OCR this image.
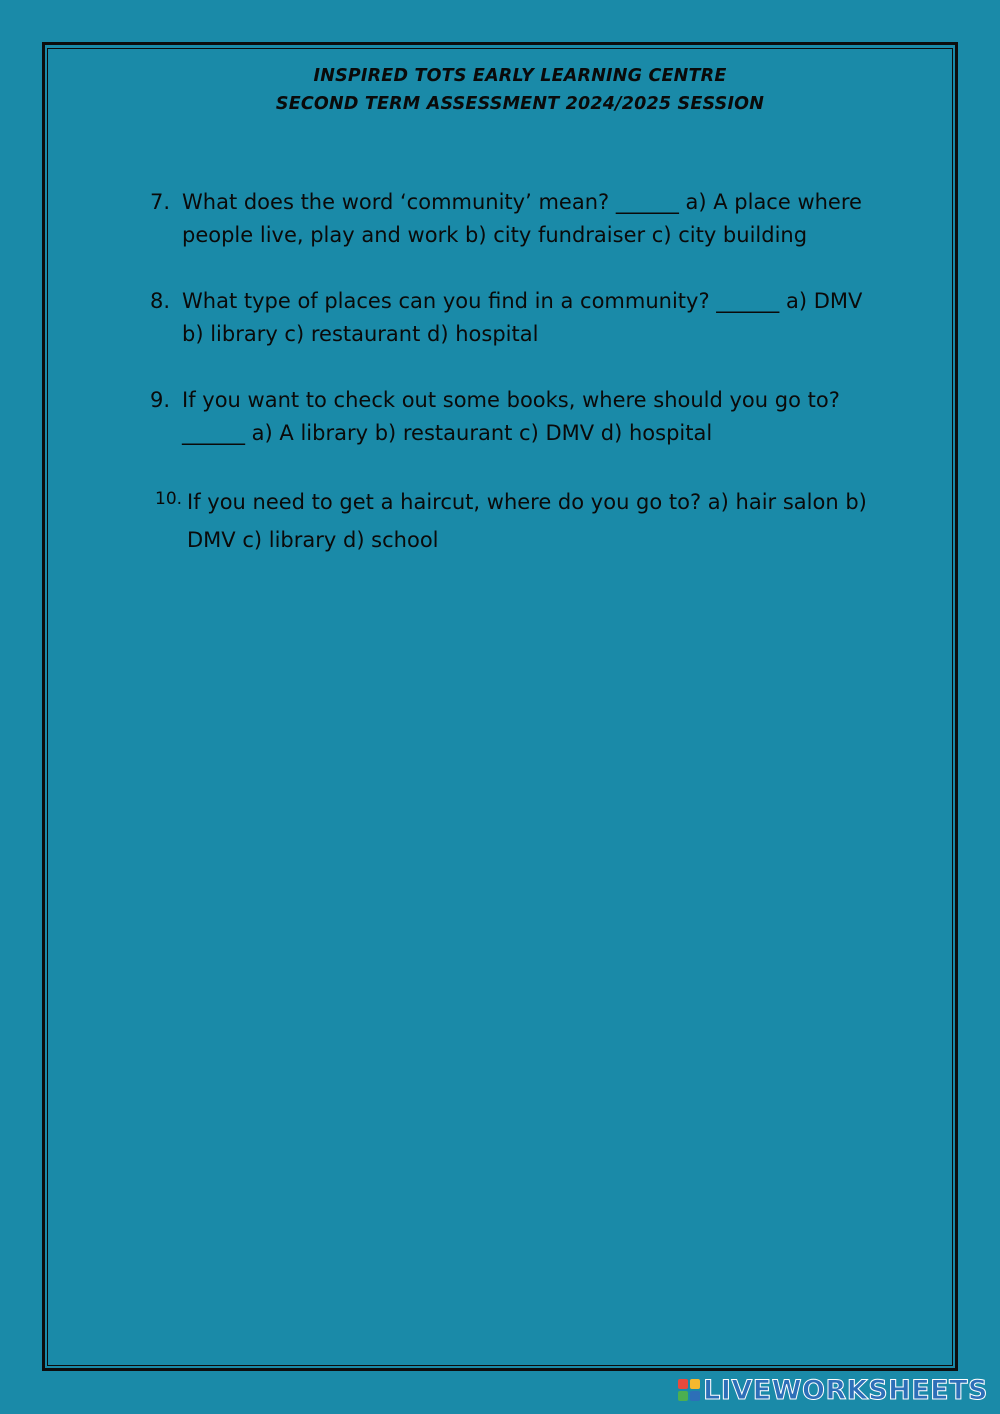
INSPIRED TOTS EARLY LEARNING CENTRE
SECOND TERM ASSESSMENT 2024/2025 SESSION
7. What does the word ‘community’ mean? ______ a) A place where people live, play and work b) city fundraiser c) city building
8. What type of places can you find in a community? ______ a) DMV b) library c) restaurant d) hospital
9. If you want to check out some books, where should you go to? ______ a) A library b) restaurant c) DMV d) hospital
10. If you need to get a haircut, where do you go to? a) hair salon b) DMV c) library d) school
LIVEWORKSHEETS
